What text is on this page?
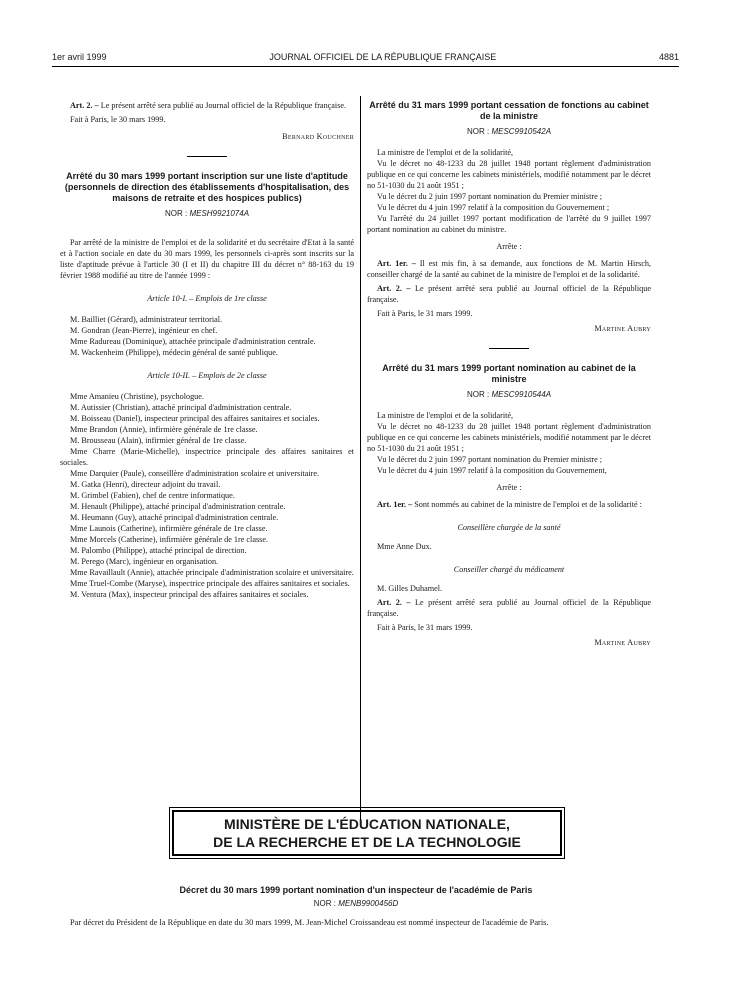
1er avril 1999	JOURNAL OFFICIEL DE LA RÉPUBLIQUE FRANÇAISE	4881

Art. 2. – Le présent arrêté sera publié au Journal officiel de la République française.

Fait à Paris, le 30 mars 1999.

Bernard Kouchner
Arrêté du 30 mars 1999 portant inscription sur une liste d'aptitude (personnels de direction des établissements d'hospitalisation, des maisons de retraite et des hospices publics)
NOR : MESH9921074A

Par arrêté de la ministre de l'emploi et de la solidarité et du secrétaire d'Etat à la santé et à l'action sociale en date du 30 mars 1999, les personnels ci-après sont inscrits sur la liste d'aptitude prévue à l'article 30 (I et II) du chapitre III du décret n° 88-163 du 19 février 1988 modifié au titre de l'année 1999 :

Article 10-I. – Emplois de 1re classe

M. Bailliet (Gérard), administrateur territorial.

M. Gondran (Jean-Pierre), ingénieur en chef.

Mme Radureau (Dominique), attachée principale d'administration centrale.

M. Wackenheim (Philippe), médecin général de santé publique.

Article 10-II. – Emplois de 2e classe

Mme Amanieu (Christine), psychologue.

M. Autissier (Christian), attaché principal d'administration centrale.

M. Boisseau (Daniel), inspecteur principal des affaires sanitaires et sociales.

Mme Brandon (Annie), infirmière générale de 1re classe.

M. Brousseau (Alain), infirmier général de 1re classe.

Mme Charre (Marie-Michelle), inspectrice principale des affaires sanitaires et sociales.

Mme Darquier (Paule), conseillère d'administration scolaire et universitaire.

M. Gatka (Henri), directeur adjoint du travail.

M. Grimbel (Fabien), chef de centre informatique.

M. Henault (Philippe), attaché principal d'administration centrale.

M. Heumann (Guy), attaché principal d'administration centrale.

Mme Launois (Catherine), infirmière générale de 1re classe.

Mme Morcels (Catherine), infirmière générale de 1re classe.

M. Palombo (Philippe), attaché principal de direction.

M. Perego (Marc), ingénieur en organisation.

Mme Ravaillault (Annie), attachée principale d'administration scolaire et universitaire.

Mme Truel-Combe (Maryse), inspectrice principale des affaires sanitaires et sociales.

M. Ventura (Max), inspecteur principal des affaires sanitaires et sociales.

Arrêté du 31 mars 1999 portant cessation de fonctions au cabinet de la ministre
NOR : MESC9910542A

La ministre de l'emploi et de la solidarité,

Vu le décret no 48-1233 du 28 juillet 1948 portant règlement d'administration publique en ce qui concerne les cabinets ministériels, modifié notamment par le décret no 51-1030 du 21 août 1951 ;

Vu le décret du 2 juin 1997 portant nomination du Premier ministre ;

Vu le décret du 4 juin 1997 relatif à la composition du Gouvernement ;

Vu l'arrêté du 24 juillet 1997 portant modification de l'arrêté du 9 juillet 1997 portant nomination au cabinet du ministre.

Arrête :

Art. 1er. – Il est mis fin, à sa demande, aux fonctions de M. Martin Hirsch, conseiller chargé de la santé au cabinet de la ministre de l'emploi et de la solidarité.

Art. 2. – Le présent arrêté sera publié au Journal officiel de la République française.

Fait à Paris, le 31 mars 1999.

Martine Aubry
Arrêté du 31 mars 1999 portant nomination au cabinet de la ministre
NOR : MESC9910544A

La ministre de l'emploi et de la solidarité,

Vu le décret no 48-1233 du 28 juillet 1948 portant règlement d'administration publique en ce qui concerne les cabinets ministériels, modifié notamment par le décret no 51-1030 du 21 août 1951 ;

Vu le décret du 2 juin 1997 portant nomination du Premier ministre ;

Vu le décret du 4 juin 1997 relatif à la composition du Gouvernement,

Arrête :

Art. 1er. – Sont nommés au cabinet de la ministre de l'emploi et de la solidarité :

Conseillère chargée de la santé

Mme Anne Dux.

Conseiller chargé du médicament

M. Gilles Duhamel.

Art. 2. – Le présent arrêté sera publié au Journal officiel de la République française.

Fait à Paris, le 31 mars 1999.

Martine Aubry
MINISTÈRE DE L'ÉDUCATION NATIONALE,
DE LA RECHERCHE ET DE LA TECHNOLOGIE
Décret du 30 mars 1999 portant nomination d'un inspecteur de l'académie de Paris
NOR : MENB9900456D

Par décret du Président de la République en date du 30 mars 1999, M. Jean-Michel Croissandeau est nommé inspecteur de l'académie de Paris.
